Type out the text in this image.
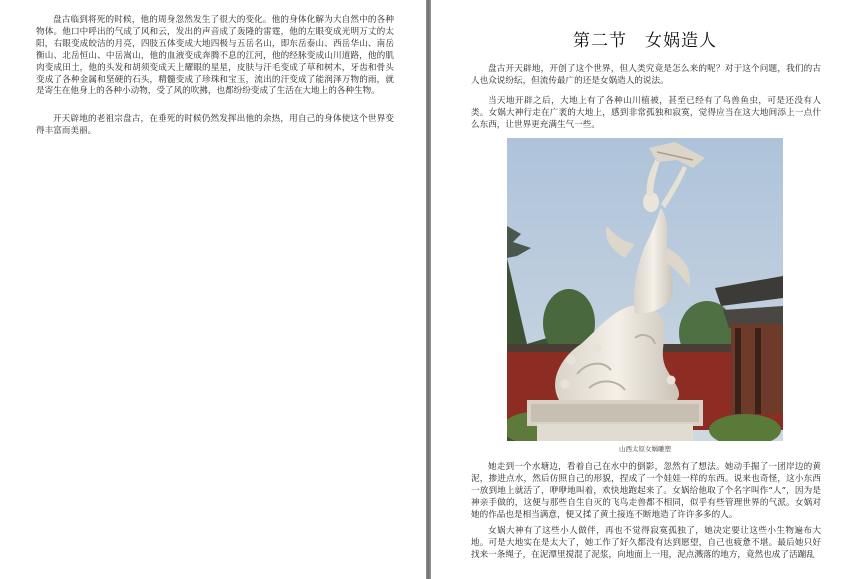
盘古临到将死的时候，他的周身忽然发生了很大的变化。他的身体化解为大自然中的各种物体。他口中呼出的气成了风和云，发出的声音成了轰隆的雷霆，他的左眼变成光明万丈的太阳，右眼变成皎洁的月亮，四肢五体变成大地四极与五岳名山，即东岳泰山、西岳华山、南岳衡山、北岳恒山、中岳嵩山，他的血液变成奔腾不息的江河，他的经脉变成山川道路，他的肌肉变成田土，他的头发和胡须变成天上耀眼的星星，皮肤与汗毛变成了草和树木，牙齿和骨头变成了各种金属和坚硬的石头，精髓变成了珍珠和宝玉，流出的汗变成了能润泽万物的雨，就是寄生在他身上的各种小动物，受了风的吹拂，也都纷纷变成了生活在大地上的各种生物。

开天辟地的老祖宗盘古，在垂死的时候仍然发挥出他的余热，用自己的身体使这个世界变得丰富而美丽。

第二节　女娲造人

盘古开天辟地，开创了这个世界，但人类究竟是怎么来的呢？对于这个问题，我们的古人也众说纷纭，但流传最广的还是女娲造人的说法。

当天地开辟之后，大地上有了各种山川植被，甚至已经有了鸟兽鱼虫，可是还没有人类。女娲大神行走在广袤的大地上，感到非常孤独和寂寞，觉得应当在这大地间添上一点什么东西，让世界更充满生气一些。

山西太原女娲雕塑

她走到一个水塘边，看着自己在水中的倒影，忽然有了想法。她动手掘了一团岸边的黄泥，掺进点水，然后仿照自己的形貌，捏成了一个娃娃一样的东西。说来也奇怪，这小东西一放到地上就活了，咿咿地叫着，欢快地跑起来了。女娲给他取了个名字叫作“人”，因为是神亲手做的，这便与那些自生自灭的飞鸟走兽都不相同，似乎有些管理世界的气派。女娲对她的作品也是相当满意，便又揉了黄土接连不断地造了许许多多的人。

女娲大神有了这些小人做伴，再也不觉得寂寞孤独了，她决定要让这些小生物遍布大地。可是大地实在是太大了，她工作了好久都没有达到愿望，自己也疲惫不堪。最后她只好找来一条绳子，在泥潭里搅混了泥浆，向地面上一甩，泥点溅落的地方，竟然也成了活蹦乱
